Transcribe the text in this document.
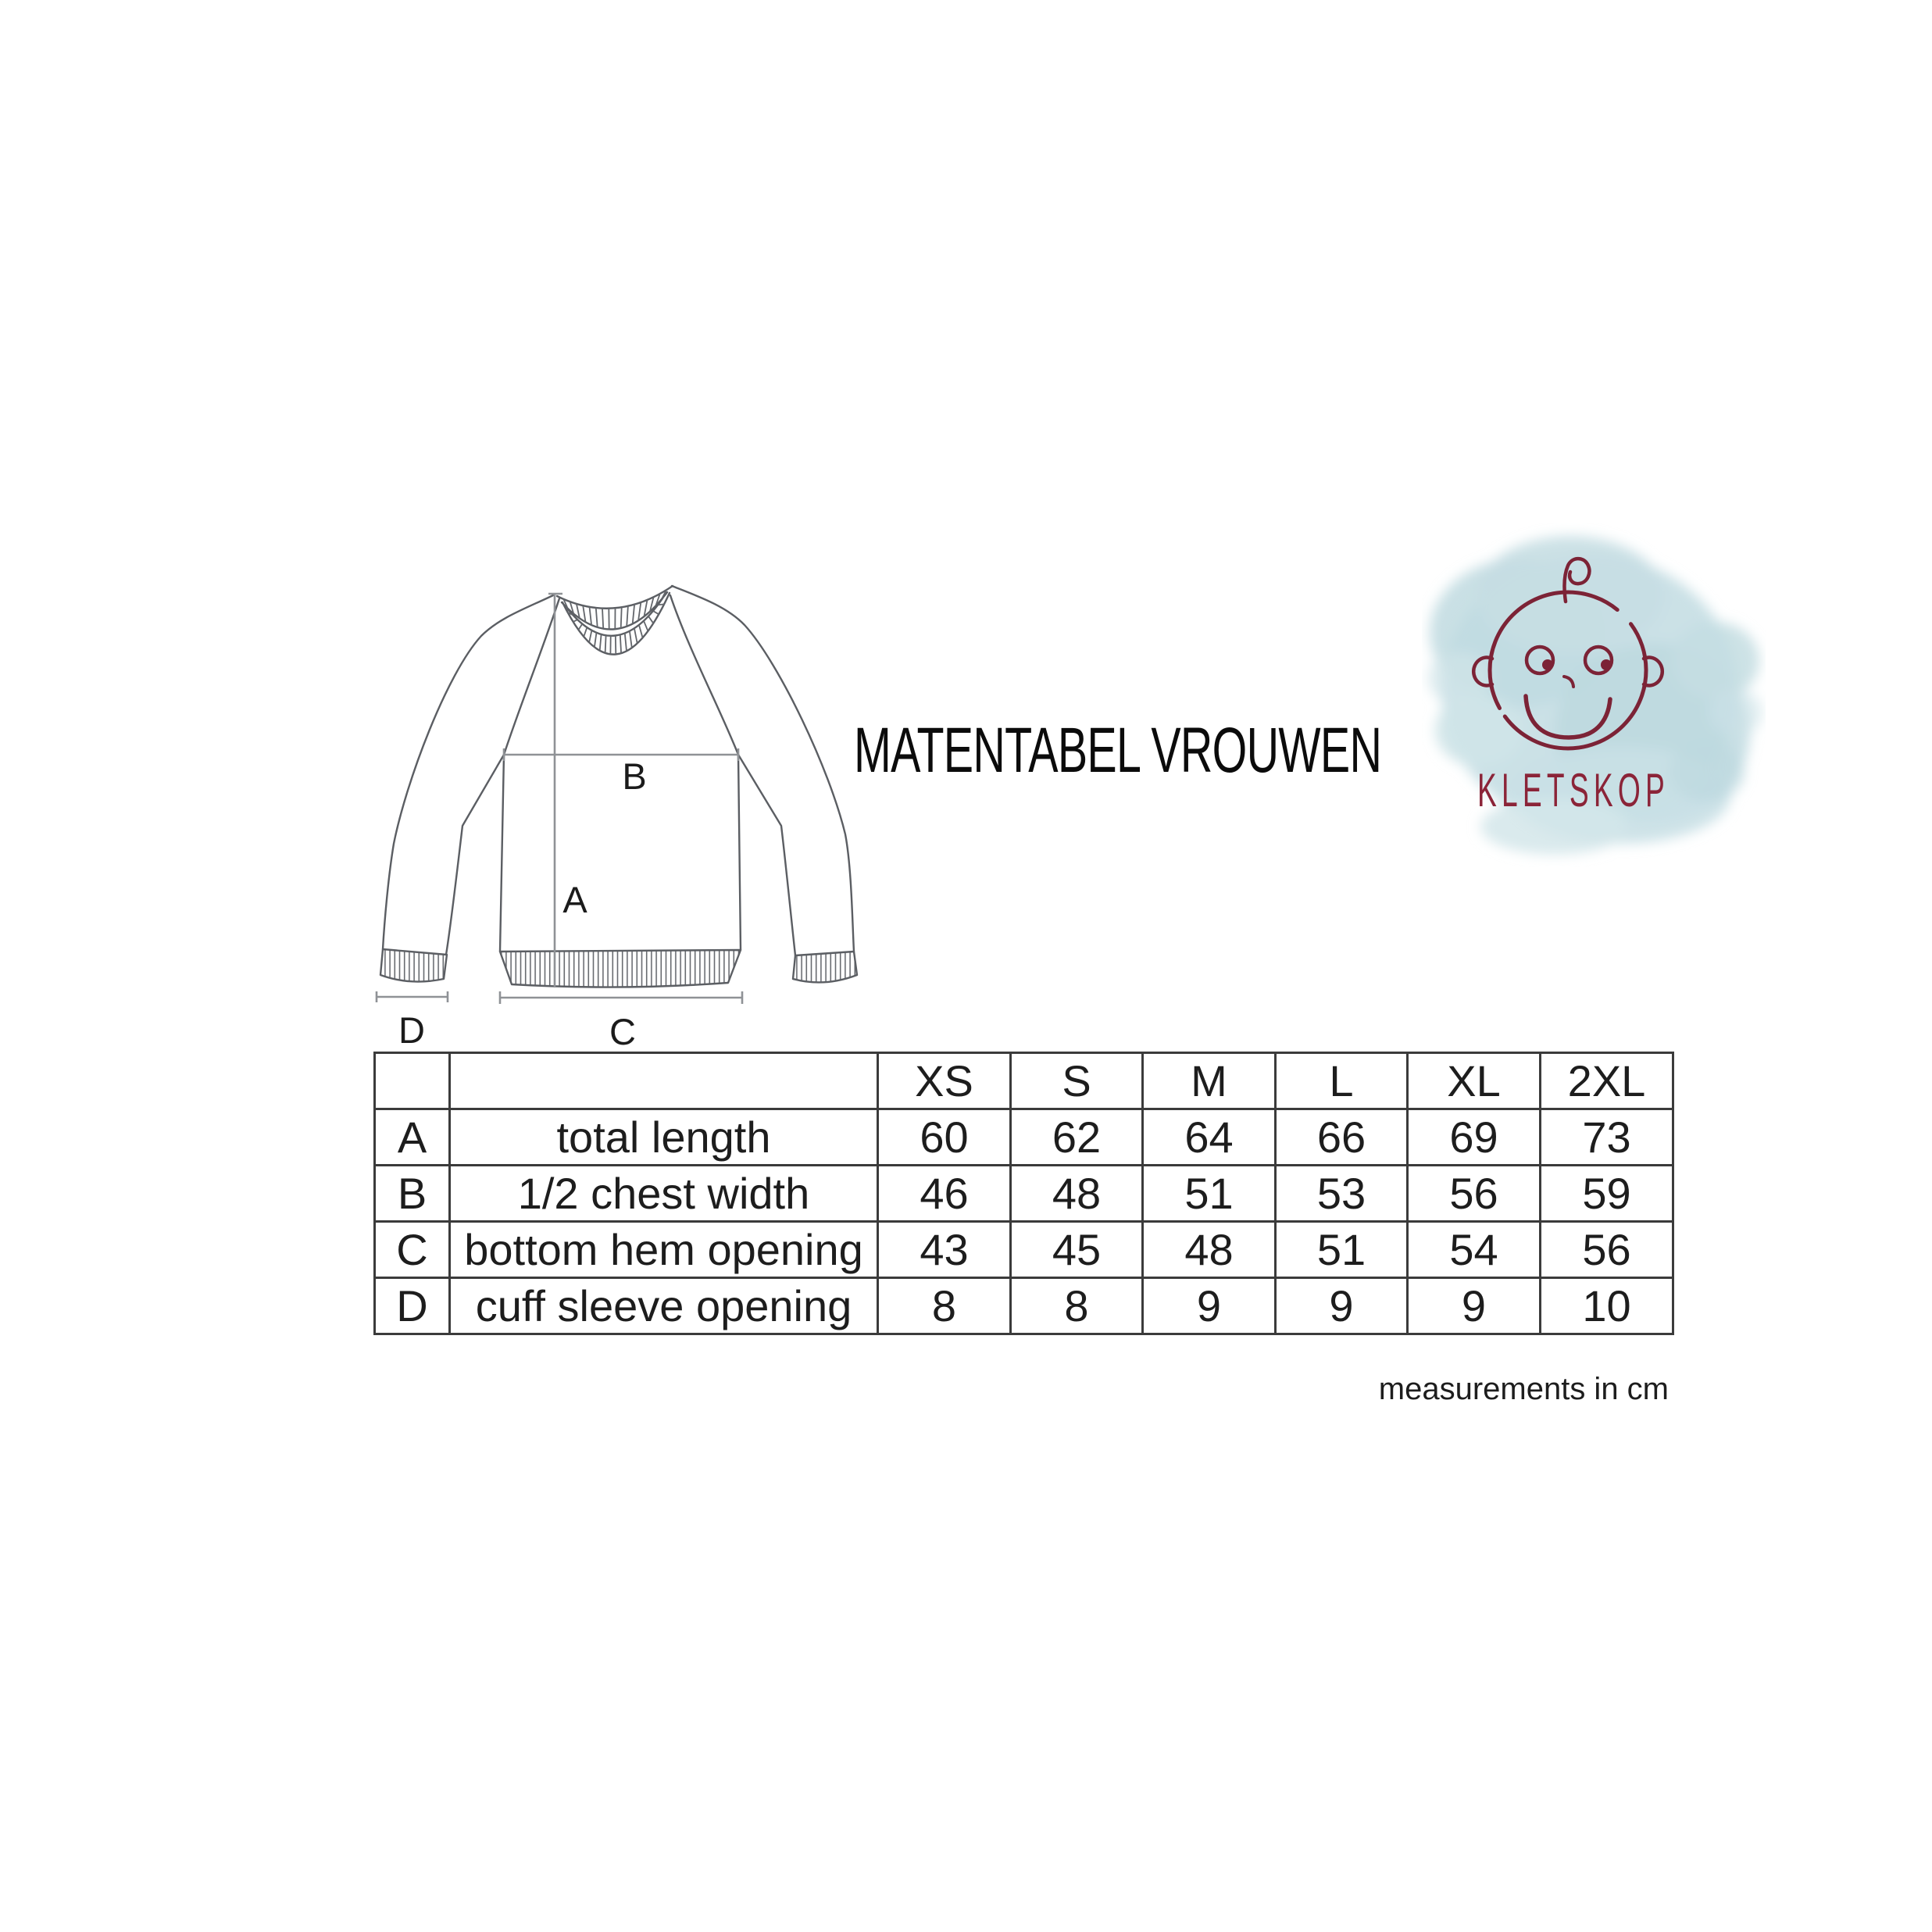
A
B
C
D
MATENTABEL VROUWEN
KLETSKOP
		XS	S	M	L	XL	2XL
A	total length	60	62	64	66	69	73
B	1/2 chest width	46	48	51	53	56	59
C	bottom hem opening	43	45	48	51	54	56
D	cuff sleeve opening	8	8	9	9	9	10
measurements in cm
